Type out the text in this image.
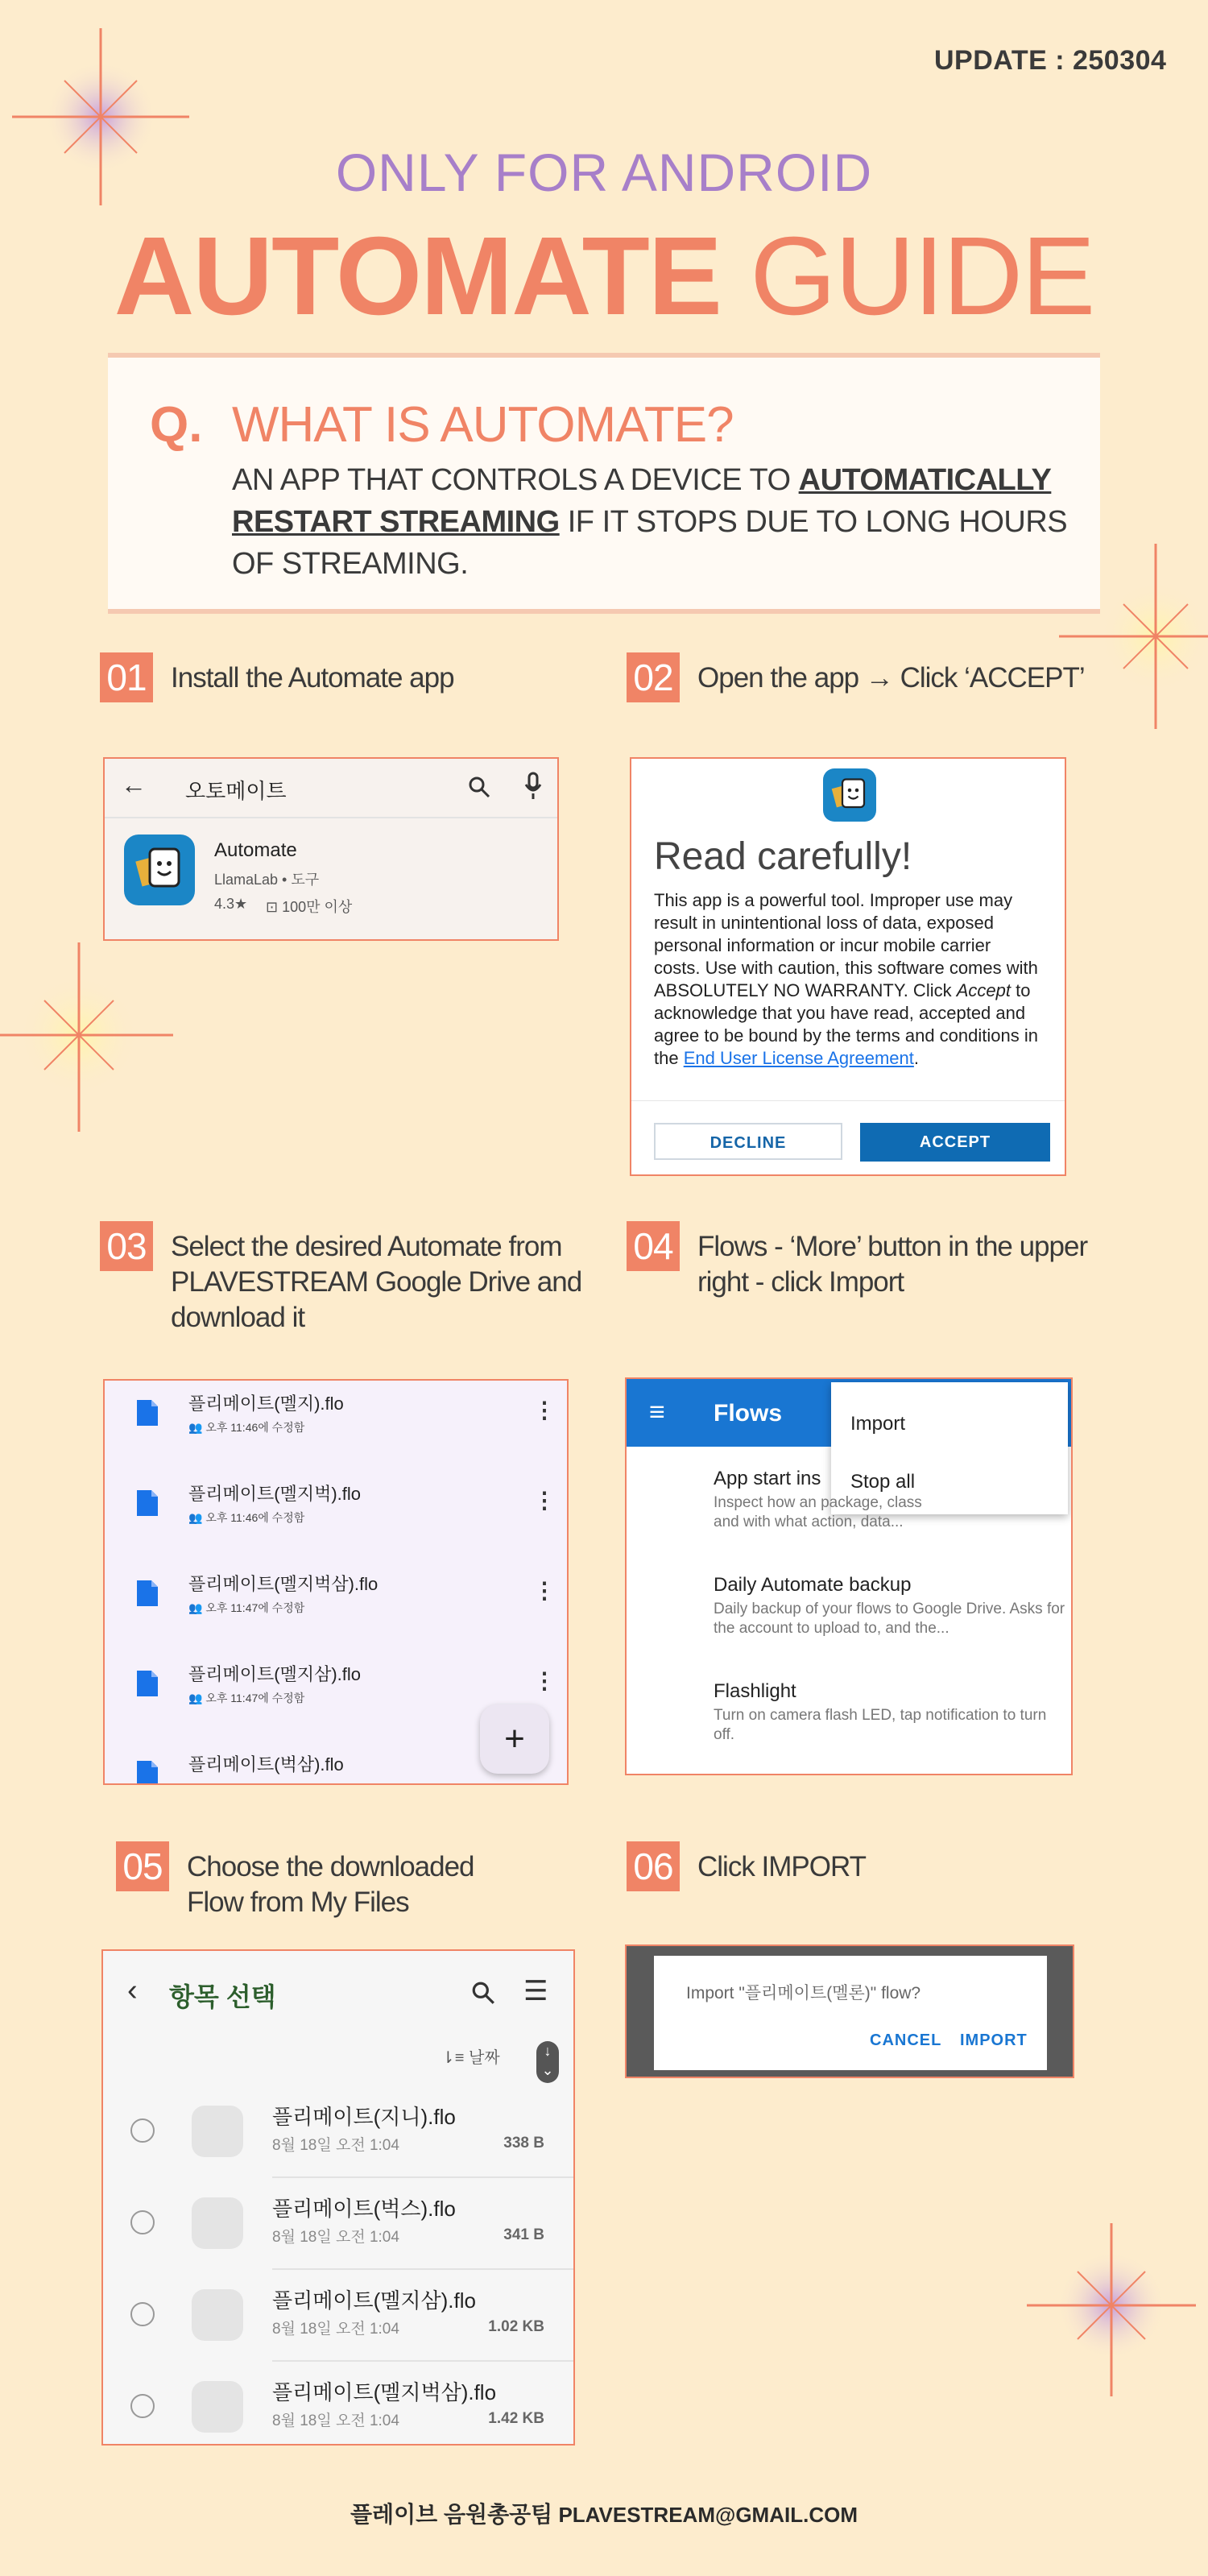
UPDATE : 250304
ONLY FOR ANDROID
AUTOMATE GUIDE
Q. WHAT IS AUTOMATE?
AN APP THAT CONTROLS A DEVICE TO AUTOMATICALLY RESTART STREAMING IF IT STOPS DUE TO LONG HOURS OF STREAMING.
01 Install the Automate app
← 오토메이트
Automate
LlamaLab • 도구
4.3★ ⊡ 100만 이상
02 Open the app → Click ‘ACCEPT’
Read carefully!
This app is a powerful tool. Improper use may result in unintentional loss of data, exposed personal information or incur mobile carrier costs. Use with caution, this software comes with ABSOLUTELY NO WARRANTY. Click Accept to acknowledge that you have read, accepted and agree to be bound by the terms and conditions in the End User License Agreement.
DECLINE	ACCEPT
03 Select the desired Automate from PLAVESTREAM Google Drive and download it
플리메이트(멜지).flo
👥 오후 11:46에 수정함
⋮
플리메이트(멜지벅).flo
👥 오후 11:46에 수정함
⋮
플리메이트(멜지벅삼).flo
👥 오후 11:47에 수정함
⋮
플리메이트(멜지삼).flo
👥 오후 11:47에 수정함
⋮
플리메이트(벅삼).flo
+
04 Flows - ‘More’ button in the upper right - click Import
≡ Flows	Import
Stop all
App start ins
Inspect how an package, class and with what action, data...
Daily Automate backup
Daily backup of your flows to Google Drive. Asks for the account to upload to, and the...
Flashlight
Turn on camera flash LED, tap notification to turn off.
05 Choose the downloaded Flow from My Files
‹ 항목 선택	☰
⇂≡ 날짜	↓
⌄
플리메이트(지니).flo
8월 18일 오전 1:04	338 B
플리메이트(벅스).flo
8월 18일 오전 1:04	341 B
플리메이트(멜지삼).flo
8월 18일 오전 1:04	1.02 KB
플리메이트(멜지벅삼).flo
8월 18일 오전 1:04	1.42 KB
06 Click IMPORT
Import "플리메이트(멜론)" flow?
CANCEL IMPORT
플레이브 음원총공팀 PLAVESTREAM@GMAIL.COM
